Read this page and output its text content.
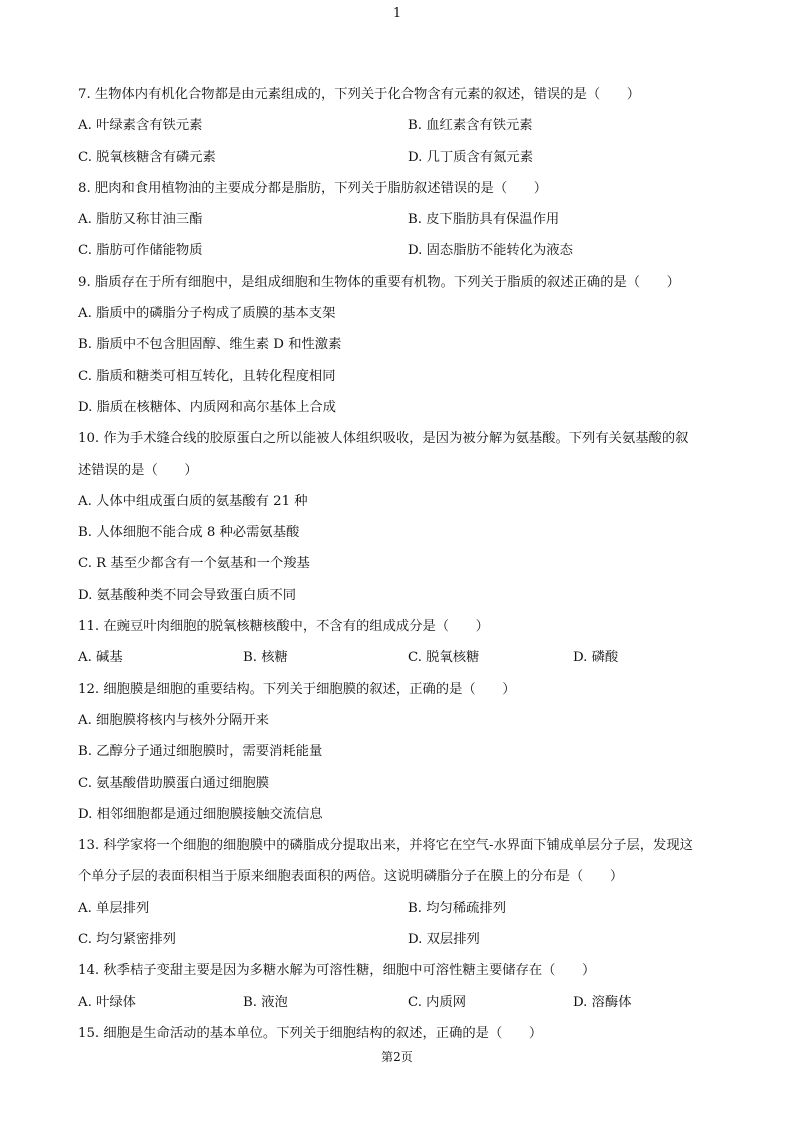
1
7. 生物体内有机化合物都是由元素组成的，下列关于化合物含有元素的叙述，错误的是（　　）
A. 叶绿素含有铁元素	B. 血红素含有铁元素
C. 脱氧核糖含有磷元素	D. 几丁质含有氮元素
8. 肥肉和食用植物油的主要成分都是脂肪，下列关于脂肪叙述错误的是（　　）
A. 脂肪又称甘油三酯	B. 皮下脂肪具有保温作用
C. 脂肪可作储能物质	D. 固态脂肪不能转化为液态
9. 脂质存在于所有细胞中，是组成细胞和生物体的重要有机物。下列关于脂质的叙述正确的是（　　）
A. 脂质中的磷脂分子构成了质膜的基本支架
B. 脂质中不包含胆固醇、维生素 D 和性激素
C. 脂质和糖类可相互转化，且转化程度相同
D. 脂质在核糖体、内质网和高尔基体上合成
10. 作为手术缝合线的胶原蛋白之所以能被人体组织吸收，是因为被分解为氨基酸。下列有关氨基酸的叙
述错误的是（　　）
A. 人体中组成蛋白质的氨基酸有 21 种
B. 人体细胞不能合成 8 种必需氨基酸
C. R 基至少都含有一个氨基和一个羧基
D. 氨基酸种类不同会导致蛋白质不同
11. 在豌豆叶肉细胞的脱氧核糖核酸中，不含有的组成成分是（　　）
A. 碱基	B. 核糖	C. 脱氧核糖	D. 磷酸
12. 细胞膜是细胞的重要结构。下列关于细胞膜的叙述，正确的是（　　）
A. 细胞膜将核内与核外分隔开来
B. 乙醇分子通过细胞膜时，需要消耗能量
C. 氨基酸借助膜蛋白通过细胞膜
D. 相邻细胞都是通过细胞膜接触交流信息
13. 科学家将一个细胞的细胞膜中的磷脂成分提取出来，并将它在空气-水界面下铺成单层分子层，发现这
个单分子层的表面积相当于原来细胞表面积的两倍。这说明磷脂分子在膜上的分布是（　　）
A. 单层排列	B. 均匀稀疏排列
C. 均匀紧密排列	D. 双层排列
14. 秋季桔子变甜主要是因为多糖水解为可溶性糖，细胞中可溶性糖主要储存在（　　）
A. 叶绿体	B. 液泡	C. 内质网	D. 溶酶体
15. 细胞是生命活动的基本单位。下列关于细胞结构的叙述，正确的是（　　）
第2页
